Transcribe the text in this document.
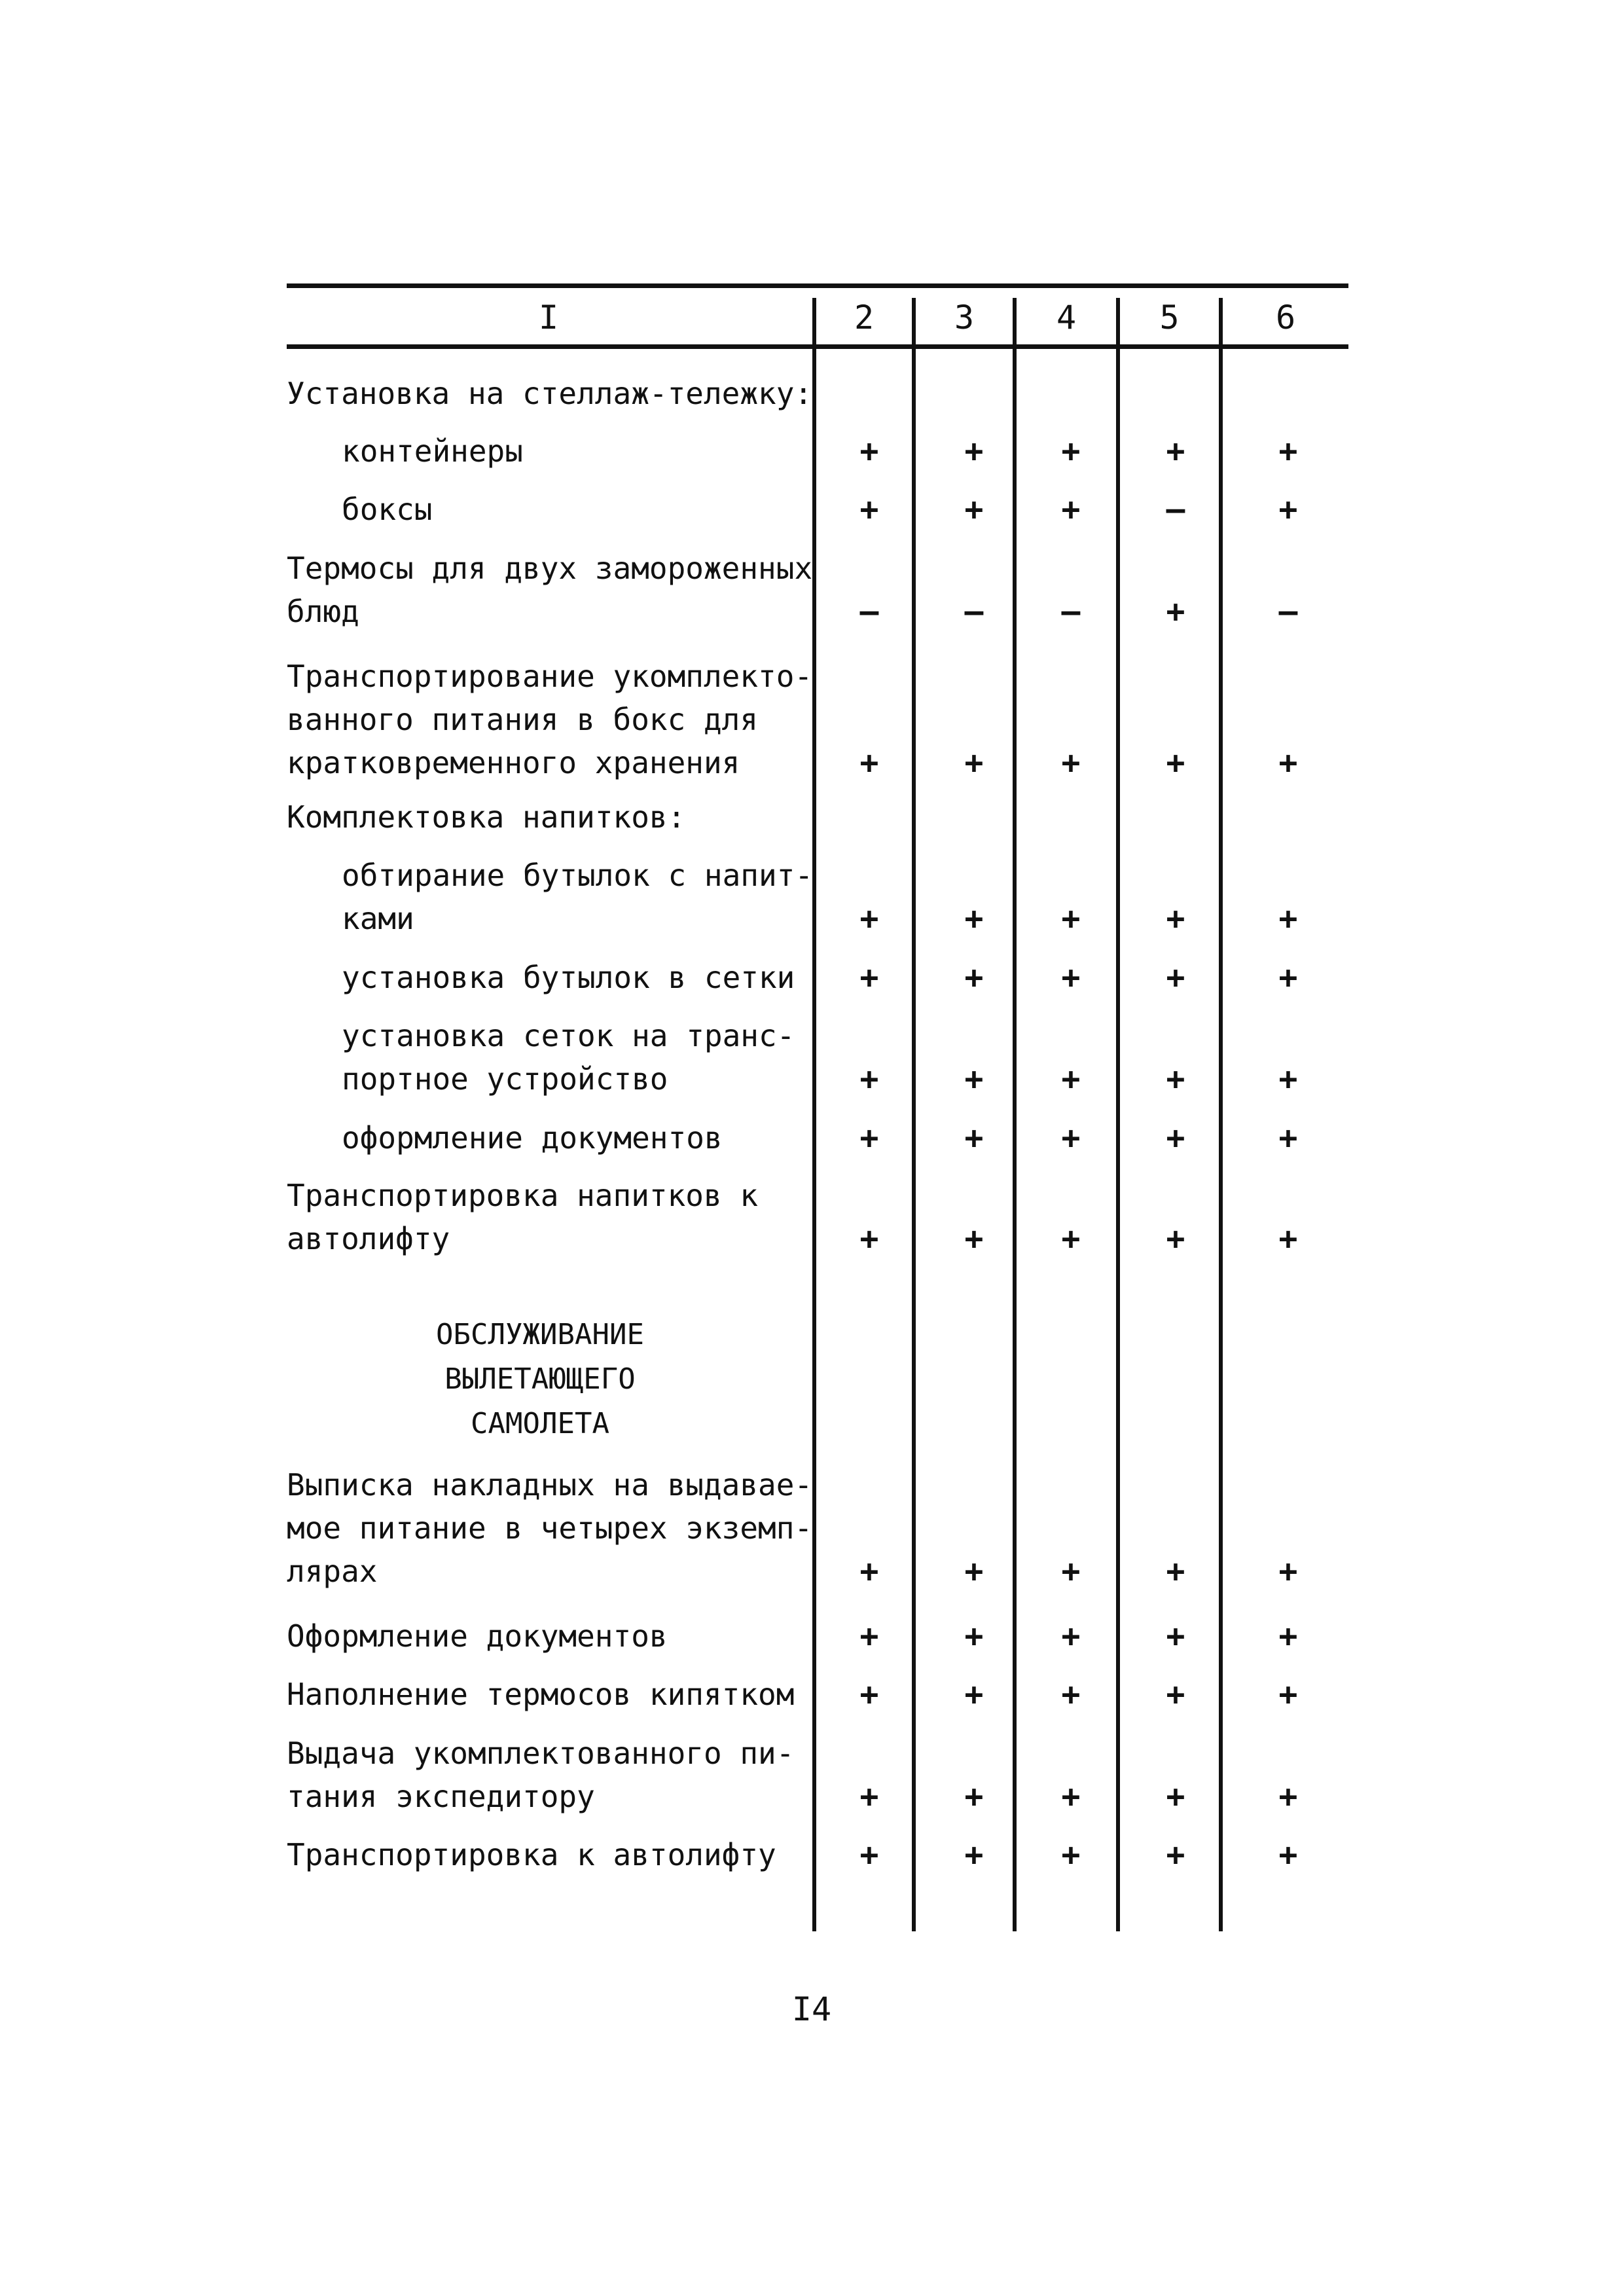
I	2	3	4	5	6
Установка на стеллаж-тележку:
контейнеры	+	+	+	+	+
боксы	+	+	+	–	+
Термосы для двух замороженных
блюд	–	–	–	+	–
Транспортирование укомплекто-
ванного питания в бокс для
кратковременного хранения	+	+	+	+	+
Комплектовка напитков:
обтирание бутылок с напит-
ками	+	+	+	+	+
установка бутылок в сетки	+	+	+	+	+
установка сеток на транс-
портное устройство	+	+	+	+	+
оформление документов	+	+	+	+	+
Транспортировка напитков к
автолифту	+	+	+	+	+
ОБСЛУЖИВАНИЕ
ВЫЛЕТАЮЩЕГО
САМОЛЕТА
Выписка накладных на выдавае-
мое питание в четырех экземп-
лярах	+	+	+	+	+
Оформление документов	+	+	+	+	+
Наполнение термосов кипятком	+	+	+	+	+
Выдача укомплектованного пи-
тания экспедитору	+	+	+	+	+
Транспортировка к автолифту	+	+	+	+	+
I4
